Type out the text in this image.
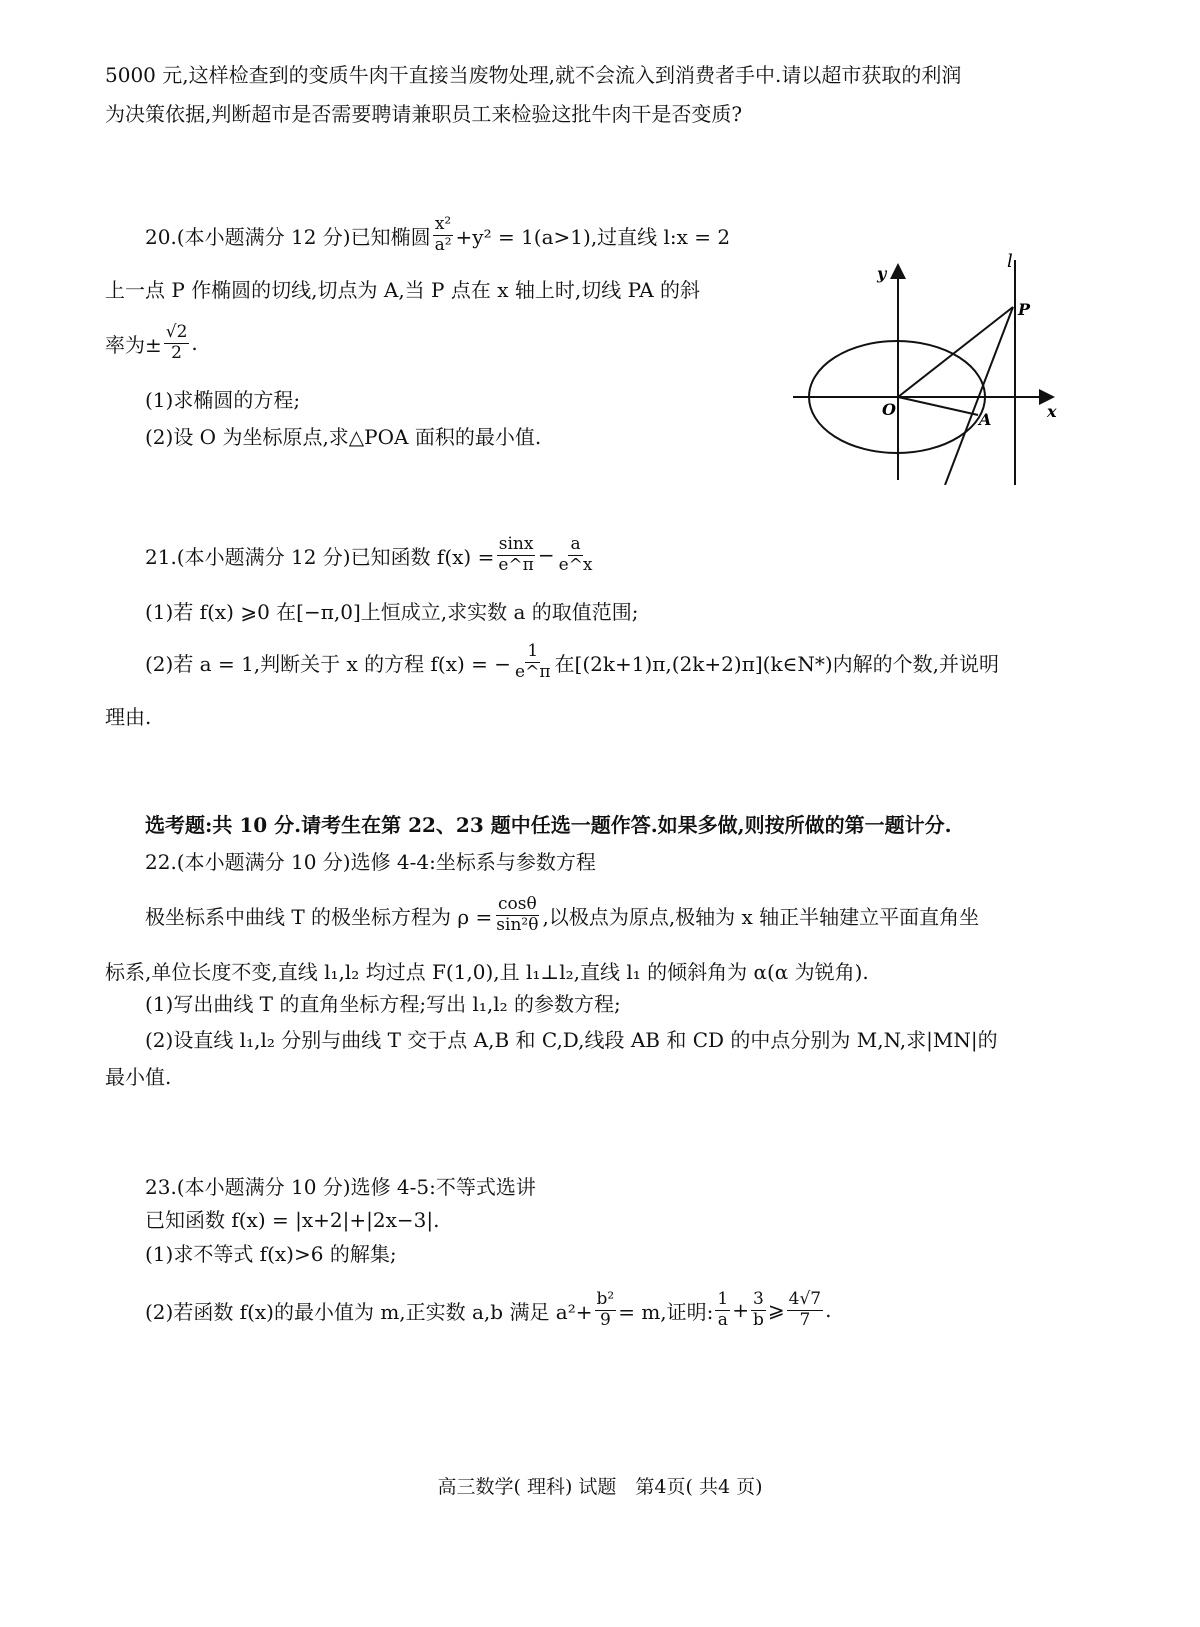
5000 元,这样检查到的变质牛肉干直接当废物处理,就不会流入到消费者手中.请以超市获取的利润
为决策依据,判断超市是否需要聘请兼职员工来检验这批牛肉干是否变质?
20.(本小题满分 12 分)已知椭圆 $\frac{\text{x²}}{\text{a²}} +y^2 = 1(a>1)$,过直线 l:x = 2
上一点 P 作椭圆的切线,切点为 A,当 P 点在 x 轴上时,切线 PA 的斜
率为± $\frac{√2}{2}$ .
(1)求椭圆的方程;
(2)设 O 为坐标原点,求△POA 面积的最小值.
21.(本小题满分 12 分)已知函数 $f(x) = \frac{\sin x}{e\^{}\pi} - \frac{a}{e\^{}x}$
(1)若 f(x) ⩾0 在[−π,0]上恒成立,求实数 a 的取值范围;
(2)若 a = 1,判断关于 x 的方程 f(x) = − $\frac{1}{e\^{}\pi}$ 在[(2k+1)π,(2k+2)π](k∈N*)内解的个数,并说明
理由.
选考题:共 10 分.请考生在第 22、23 题中任选一题作答.如果多做,则按所做的第一题计分.
22.(本小题满分 10 分)选修 4-4:坐标系与参数方程
极坐标系中曲线 T 的极坐标方程为 $\rho = \frac{\cos\theta}{\text{sin²θ}}$ ,以极点为原点,极轴为 x 轴正半轴建立平面直角坐
标系,单位长度不变,直线 l₁,l₂ 均过点 F(1,0),且 l₁⊥l₂,直线 l₁ 的倾斜角为 α(α 为锐角).
(1)写出曲线 T 的直角坐标方程;写出 l₁,l₂ 的参数方程;
(2)设直线 l₁,l₂ 分别与曲线 T 交于点 A,B 和 C,D,线段 AB 和 CD 的中点分别为 M,N,求|MN|的
最小值.
23.(本小题满分 10 分)选修 4-5:不等式选讲
已知函数 f(x) = |x+2|+|2x−3|.
(1)求不等式 f(x)>6 的解集;
(2)若函数 f(x)的最小值为 m,正实数 a,b 满足 $a^2+ \frac{\text{b²}}{9} = m$,证明: $\frac{1}{a} + \frac{3}{b}$ ⩾ $\frac{4√7}{7}$ .
y
x
O
A
P
l
高三数学( 理科) 试题　第4页( 共4 页)
